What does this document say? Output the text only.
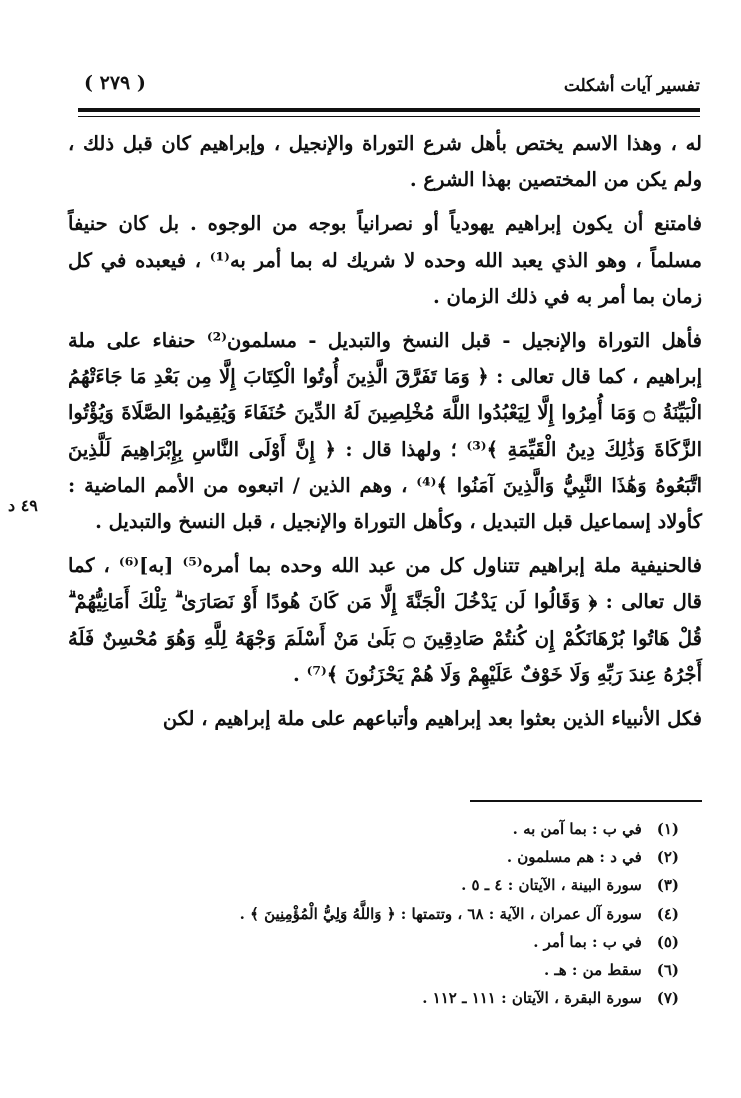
تفسير آيات أشكلت
( ٢٧٩ )
٤٩ د

له ، وهذا الاسم يختص بأهل شرع التوراة والإنجيل ، وإبراهيم كان قبل ذلك ، ولم يكن من المختصين بهذا الشرع .

فامتنع أن يكون إبراهيم يهودياً أو نصرانياً بوجه من الوجوه . بل كان حنيفاً مسلماً ، وهو الذي يعبد الله وحده لا شريك له بما أمر به⁽¹⁾ ، فيعبده في كل زمان بما أمر به في ذلك الزمان .

فأهل التوراة والإنجيل - قبل النسخ والتبديل - مسلمون⁽²⁾ حنفاء على ملة إبراهيم ، كما قال تعالى : ﴿ وَمَا تَفَرَّقَ الَّذِينَ أُوتُوا الْكِتَابَ إِلَّا مِن بَعْدِ مَا جَاءَتْهُمُ الْبَيِّنَةُ ۝ وَمَا أُمِرُوا إِلَّا لِيَعْبُدُوا اللَّهَ مُخْلِصِينَ لَهُ الدِّينَ حُنَفَاءَ وَيُقِيمُوا الصَّلَاةَ وَيُؤْتُوا الزَّكَاةَ وَذَٰلِكَ دِينُ الْقَيِّمَةِ ﴾⁽³⁾ ؛ ولهذا قال : ﴿ إِنَّ أَوْلَى النَّاسِ بِإِبْرَاهِيمَ لَلَّذِينَ اتَّبَعُوهُ وَهَٰذَا النَّبِيُّ وَالَّذِينَ آمَنُوا ﴾⁽⁴⁾ ، وهم الذين / اتبعوه من الأمم الماضية : كأولاد إسماعيل قبل التبديل ، وكأهل التوراة والإنجيل ، قبل النسخ والتبديل .

فالحنيفية ملة إبراهيم تتناول كل من عبد الله وحده بما أمره⁽⁵⁾ [به]⁽⁶⁾ ، كما قال تعالى : ﴿ وَقَالُوا لَن يَدْخُلَ الْجَنَّةَ إِلَّا مَن كَانَ هُودًا أَوْ نَصَارَىٰ ۗ تِلْكَ أَمَانِيُّهُمْ ۗ قُلْ هَاتُوا بُرْهَانَكُمْ إِن كُنتُمْ صَادِقِينَ ۝ بَلَىٰ مَنْ أَسْلَمَ وَجْهَهُ لِلَّهِ وَهُوَ مُحْسِنٌ فَلَهُ أَجْرُهُ عِندَ رَبِّهِ وَلَا خَوْفٌ عَلَيْهِمْ وَلَا هُمْ يَحْزَنُونَ ﴾⁽⁷⁾ .

فكل الأنبياء الذين بعثوا بعد إبراهيم وأتباعهم على ملة إبراهيم ، لكن

(١) في ب : بما آمن به .
(٢) في د : هم مسلمون .
(٣) سورة البينة ، الآيتان : ٤ ـ ٥ .
(٤) سورة آل عمران ، الآية : ٦٨ ، وتتمتها : ﴿ وَاللَّهُ وَلِيُّ الْمُؤْمِنِينَ ﴾ .
(٥) في ب : بما أمر .
(٦) سقط من : هـ .
(٧) سورة البقرة ، الآيتان : ١١١ ـ ١١٢ .
